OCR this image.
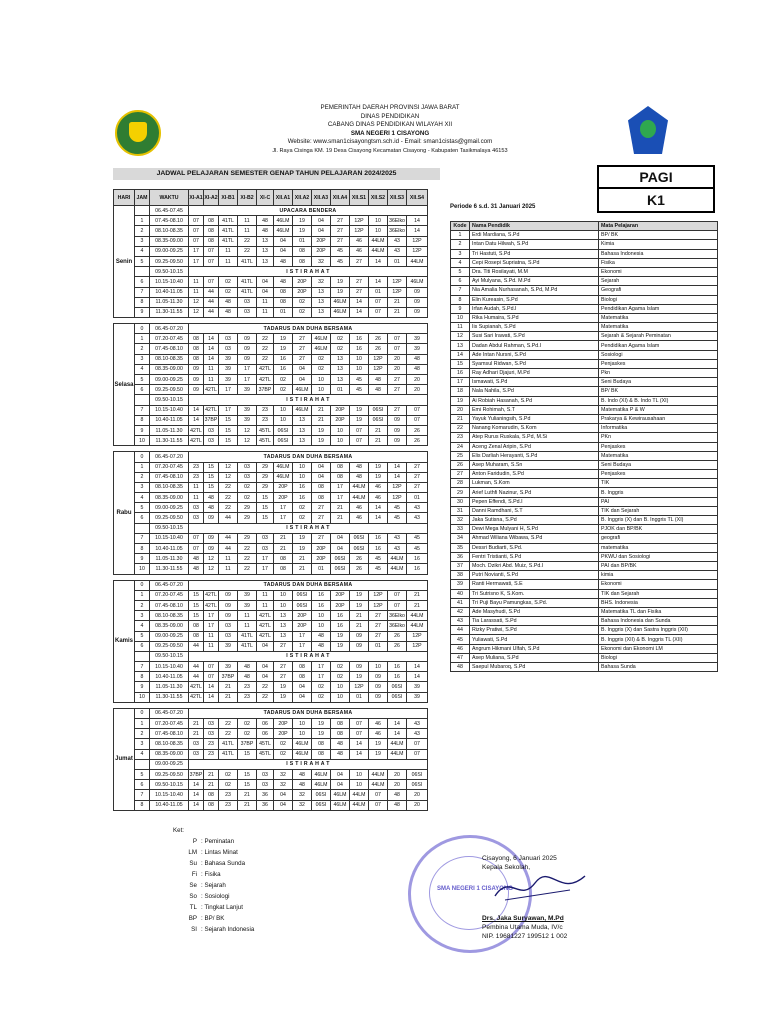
PEMERINTAH DAERAH PROVINSI JAWA BARAT
DINAS PENDIDIKAN
CABANG DINAS PENDIDIKAN WILAYAH XII
SMA NEGERI 1 CISAYONG
Website: www.sman1cisayongtsm.sch.id - Email: sman1cistas@gmail.com
Jl. Raya Cisinga KM. 19 Desa Cisayong Kecamatan Cisayong - Kabupaten Tasikmalaya 46153
JADWAL PELAJARAN SEMESTER GENAP TAHUN PELAJARAN 2024/2025	PAGI
K1
HARI	JAM	WAKTU	XI-A1	XI-A2	XI-B1	XI-B2	XI-C	XII.A1	XII.A2	XII.A3	XII.A4	XII.S1	XII.S2	XII.S3	XII.S4
Senin		06.45-07.45	UPACARA BENDERA												
	1	07.45-08.10	07	08	41TL	11	48	46LM	19	04	27	12P	10	36Elko	14
	2	08.10-08.35	07	08	41TL	11	48	46LM	19	04	27	12P	10	36Elko	14
	3	08.35-09.00	07	08	41TL	22	13	04	01	20P	27	46	44LM	43	12P
	4	09.00-09.25	17	07	11	22	13	04	08	20P	45	46	44LM	43	12P
	5	09.25-09.50	17	07	11	41TL	13	48	08	32	45	27	14	01	44LM
		09.50-10.15	I S T I R A H A T												
	6	10.15-10.40	11	07	02	41TL	04	48	20P	32	19	27	14	12P	46LM
	7	10.40-11.05	11	44	02	41TL	04	08	20P	13	19	27	01	12P	09
	8	11.05-11.30	12	44	48	03	11	08	02	13	46LM	14	07	21	09
	9	11.30-11.55	12	44	48	03	11	01	02	13	46LM	14	07	21	09

Selasa	0	06.45-07.20	TADARUS DAN DUHA BERSAMA												
	1	07.20-07.45	08	14	03	09	22	19	27	46LM	02	16	26	07	39
	2	07.45-08.10	08	14	03	09	22	19	27	46LM	02	16	26	07	39
	3	08.10-08.35	08	14	39	09	22	16	27	02	13	10	12P	20	48
	4	08.35-09.00	09	11	39	17	42TL	16	04	02	13	10	12P	20	48
	5	09.00-09.25	09	11	39	17	42TL	02	04	10	13	45	48	27	20
	6	09.25-09.50	09	42TL	17	39	37BP	02	46LM	10	01	45	48	27	20
		09.50-10.15	I S T I R A H A T												
	7	10.15-10.40	14	42TL	17	39	23	10	46LM	21	20P	19	06SI	27	07
	8	10.40-11.05	14	37BP	15	39	23	10	13	21	20P	19	06SI	09	07
	9	11.05-11.30	42TL	03	15	12	45TL	06SI	13	19	10	07	21	09	26
	10	11.30-11.55	42TL	03	15	12	45TL	06SI	13	19	10	07	21	09	26

Rabu	0	06.45-07.20	TADARUS DAN DUHA BERSAMA												
	1	07.20-07.45	23	15	12	03	29	46LM	10	04	08	48	19	14	27
	2	07.45-08.10	23	15	12	03	29	46LM	10	04	08	48	19	14	27
	3	08.10-08.35	11	15	22	02	29	20P	16	08	17	44LM	46	12P	27
	4	08.35-09.00	11	48	22	02	15	20P	16	08	17	44LM	46	12P	01
	5	09.00-09.25	03	48	22	29	15	17	02	27	21	46	14	45	43
	6	09.25-09.50	03	09	44	29	15	17	02	27	21	46	14	45	43
		09.50-10.15	I S T I R A H A T												
	7	10.15-10.40	07	09	44	29	03	21	19	27	04	06SI	16	43	45
	8	10.40-11.05	07	09	44	22	03	21	19	20P	04	06SI	16	43	45
	9	11.05-11.30	48	12	11	22	17	08	21	20P	06SI	26	45	44LM	16
	10	11.30-11.55	48	12	11	22	17	08	21	01	06SI	26	45	44LM	16

Kamis	0	06.45-07.20	TADARUS DAN DUHA BERSAMA												
	1	07.20-07.45	15	42TL	09	39	11	10	06SI	16	20P	19	12P	07	21
	2	07.45-08.10	15	42TL	09	39	11	10	06SI	16	20P	19	12P	07	21
	3	08.10-08.35	15	17	09	11	42TL	13	20P	10	16	21	27	36Elko	44LM
	4	08.35-09.00	08	17	03	11	42TL	13	20P	10	16	21	27	36Elko	44LM
	5	09.00-09.25	08	11	03	41TL	42TL	13	17	48	19	09	27	26	12P
	6	09.25-09.50	44	11	39	41TL	04	27	17	48	19	09	01	26	12P
		09.50-10.15	I S T I R A H A T												
	7	10.15-10.40	44	07	39	48	04	27	08	17	02	09	10	16	14
	8	10.40-11.05	44	07	37BP	48	04	27	08	17	02	19	09	16	14
	9	11.05-11.30	42TL	14	21	23	22	19	04	02	10	12P	09	06SI	39
	10	11.30-11.55	42TL	14	21	23	22	19	04	02	10	01	09	06SI	39

Jumat	0	06.45-07.20	TADARUS DAN DUHA BERSAMA												
	1	07.20-07.45	21	03	22	02	06	20P	10	19	08	07	46	14	43
	2	07.45-08.10	21	03	22	02	06	20P	10	19	08	07	46	14	43
	3	08.10-08.35	03	23	41TL	37BP	45TL	02	46LM	08	48	14	19	44LM	07
	4	08.35-09.00	03	23	41TL	15	45TL	02	46LM	08	48	14	19	44LM	07
		09.00-09.25	I S T I R A H A T												
	5	09.25-09.50	37BP	21	02	15	03	32	48	46LM	04	10	44LM	20	06SI
	6	09.50-10.15	14	21	02	15	03	32	48	46LM	04	10	44LM	20	06SI
	7	10.15-10.40	14	08	23	21	36	04	32	06SI	46LM	44LM	07	48	20
	8	10.40-11.05	14	08	23	21	36	04	32	06SI	46LM	44LM	07	48	20
Periode 6 s.d. 31 Januari 2025
Kode	Nama Pendidik	Mata Pelajaran
1	Erdi Mardiana, S.Pd	BP/ BK
2	Intan Datu Hilwah, S.Pd	Kimia
3	Tri Hastuti, S.Pd	Bahasa Indonesia
4	Cepi Rosepi Supriatna, S.Pd	Fisika
5	Dra. Titi Rosilayati, M.M	Ekonomi
6	Ayi Mulyana, S.Pd. M.Pd	Sejarah
7	Nia Amalia Nurhasanah, S.Pd, M.Pd	Geografi
8	Elin Kureasin, S.Pd	Biologi
9	Irfan Audah, S.Pd.I	Pendidikan Agama Islam
10	Rika Humaira, S.Pd	Matematika
11	Iis Supianah, S.Pd	Matematika
12	Susi Sari Irawati, S.Pd	Sejarah & Sejarah Peminatan
13	Dadan Abdul Rahman, S.Pd.I	Pendidikan Agama Islam
14	Ade Intan Nursni, S.Pd	Sosiologi
15	Syamsul Ridwan, S.Pd	Penjaskes
16	Ray Adhari Djajuri, M.Pd	Pkn
17	Ismawati, S.Pd	Seni Budaya
18	Nala Nahila, S.Pd	BP/ BK
19	Ai Robiah Hasanah, S.Pd	B. Indo (XI) & B. Indo TL (XI)
20	Emi Rohimah, S.T	Matematika P & W
21	Yayuk Yulianingsih, S.Pd	Prakarya & Kewirausahaan
22	Nanang Komarudin, S.Kom	Informatika
23	Atep Rurus Ruskala, S.Pd, M.Si	PKn
24	Aceng Zenal Aripin, S.Pd	Penjaskes
25	Elis Darliah Herayanti, S.Pd	Matematika
26	Asep Muharam, S.Sn	Seni Budaya
27	Anton Faridudin, S.Pd	Penjaskes
28	Lukman, S.Kom	TIK
29	Arief Luthfi Nazinur, S.Pd	B. Inggris
30	Pepen Effendi, S.Pd.I	PAI
31	Danni Ramdhani, S.T	TIK dan Sejarah
32	Jaka Sutisna, S.Pd	B. Inggris (X) dan B. Inggris TL (XI)
33	Dewi Mega Mulyani H, S.Pd	PJOK dan BP/BK
34	Ahmad Wiliana Wibawa, S.Pd	geografi
35	Dessri Budiarti, S.Pd.	matematika
36	Fentri Tristianti, S.Pd	PKWU dan Sosiologi
37	Moch. Dzikri Abd. Muiz, S.Pd.I	PAI dan BP/BK
38	Putri Novianti, S.Pd	kimia
39	Ranti Hermawati, S.E	Ekonomi
40	Tri Sutrisno K, S.Kom.	TIK dan Sejarah
41	Tri Puji Bayu Pamungkas, S.Pd.	BHS. Indonesia
42	Ade Masyhudi, S.Pd	Matematika TL dan Fisika
43	Tia Larassati, S.Pd	Bahasa Indonesia dan Sunda
44	Rizky Pratiwi, S.Pd	B. Inggris (X) dan Sastra Inggris (XII)
45	Yuliawati, S.Pd	B. Inggris (XII) & B. Inggris TL (XII)
46	Angrum Hikmani Ulfah, S.Pd	Ekonomi dan Ekonomi LM
47	Asep Muliana, S.Pd	Biologi
48	Saepul Mubaroq, S.Pd	Bahasa Sunda
Ket:
P : Peminatan
LM : Lintas Minat
Su : Bahasa Sunda
Fi : Fisika
Se : Sejarah
So : Sosiologi
TL : Tingkat Lanjut
BP : BP/ BK
SI : Sejarah Indonesia
SMA NEGERI 1 CISAYONG
Cisayong, 6 Januari 2025
Kepala Sekolah,
Drs. Jaka Suryawan, M.Pd
Pembina Utama Muda, IV/c
NIP. 19681227 199512 1 002
